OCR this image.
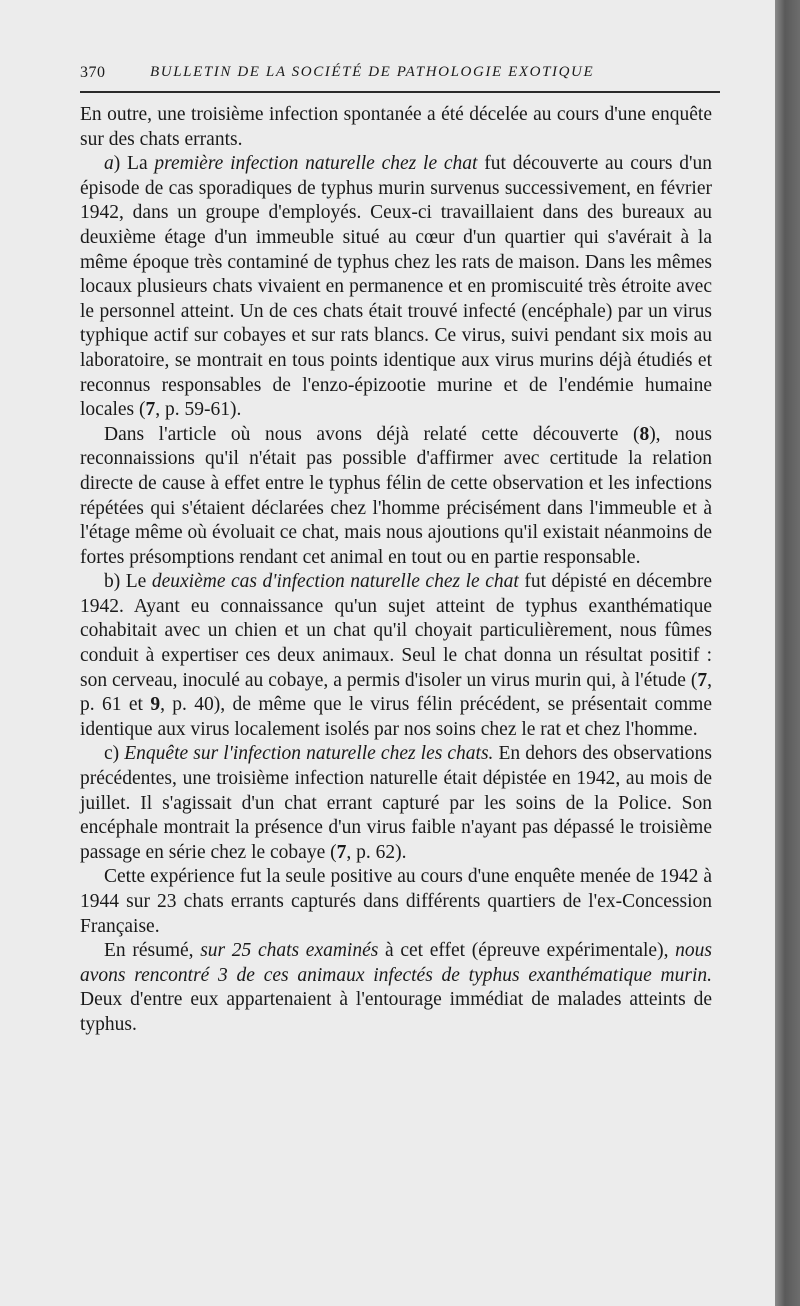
370	BULLETIN DE LA SOCIÉTÉ DE PATHOLOGIE EXOTIQUE

En outre, une troisième infection spontanée a été décelée au cours d'une enquête sur des chats errants.

a) La première infection naturelle chez le chat fut découverte au cours d'un épisode de cas sporadiques de typhus murin survenus successivement, en février 1942, dans un groupe d'employés. Ceux-ci travaillaient dans des bureaux au deuxième étage d'un immeuble situé au cœur d'un quartier qui s'avérait à la même époque très contaminé de typhus chez les rats de maison. Dans les mêmes locaux plusieurs chats vivaient en permanence et en promiscuité très étroite avec le personnel atteint. Un de ces chats était trouvé infecté (encéphale) par un virus typhique actif sur cobayes et sur rats blancs. Ce virus, suivi pendant six mois au laboratoire, se montrait en tous points identique aux virus murins déjà étudiés et reconnus responsables de l'enzo-épizootie murine et de l'endémie humaine locales (7, p. 59-61).

Dans l'article où nous avons déjà relaté cette découverte (8), nous reconnaissions qu'il n'était pas possible d'affirmer avec certitude la relation directe de cause à effet entre le typhus félin de cette observation et les infections répétées qui s'étaient déclarées chez l'homme précisément dans l'immeuble et à l'étage même où évoluait ce chat, mais nous ajoutions qu'il existait néanmoins de fortes présomptions rendant cet animal en tout ou en partie responsable.

b) Le deuxième cas d'infection naturelle chez le chat fut dépisté en décembre 1942. Ayant eu connaissance qu'un sujet atteint de typhus exanthématique cohabitait avec un chien et un chat qu'il choyait particulièrement, nous fûmes conduit à expertiser ces deux animaux. Seul le chat donna un résultat positif : son cerveau, inoculé au cobaye, a permis d'isoler un virus murin qui, à l'étude (7, p. 61 et 9, p. 40), de même que le virus félin précédent, se présentait comme identique aux virus localement isolés par nos soins chez le rat et chez l'homme.

c) Enquête sur l'infection naturelle chez les chats. En dehors des observations précédentes, une troisième infection naturelle était dépistée en 1942, au mois de juillet. Il s'agissait d'un chat errant capturé par les soins de la Police. Son encéphale montrait la présence d'un virus faible n'ayant pas dépassé le troisième passage en série chez le cobaye (7, p. 62).

Cette expérience fut la seule positive au cours d'une enquête menée de 1942 à 1944 sur 23 chats errants capturés dans différents quartiers de l'ex-Concession Française.

En résumé, sur 25 chats examinés à cet effet (épreuve expérimentale), nous avons rencontré 3 de ces animaux infectés de typhus exanthématique murin. Deux d'entre eux appartenaient à l'entourage immédiat de malades atteints de typhus.
